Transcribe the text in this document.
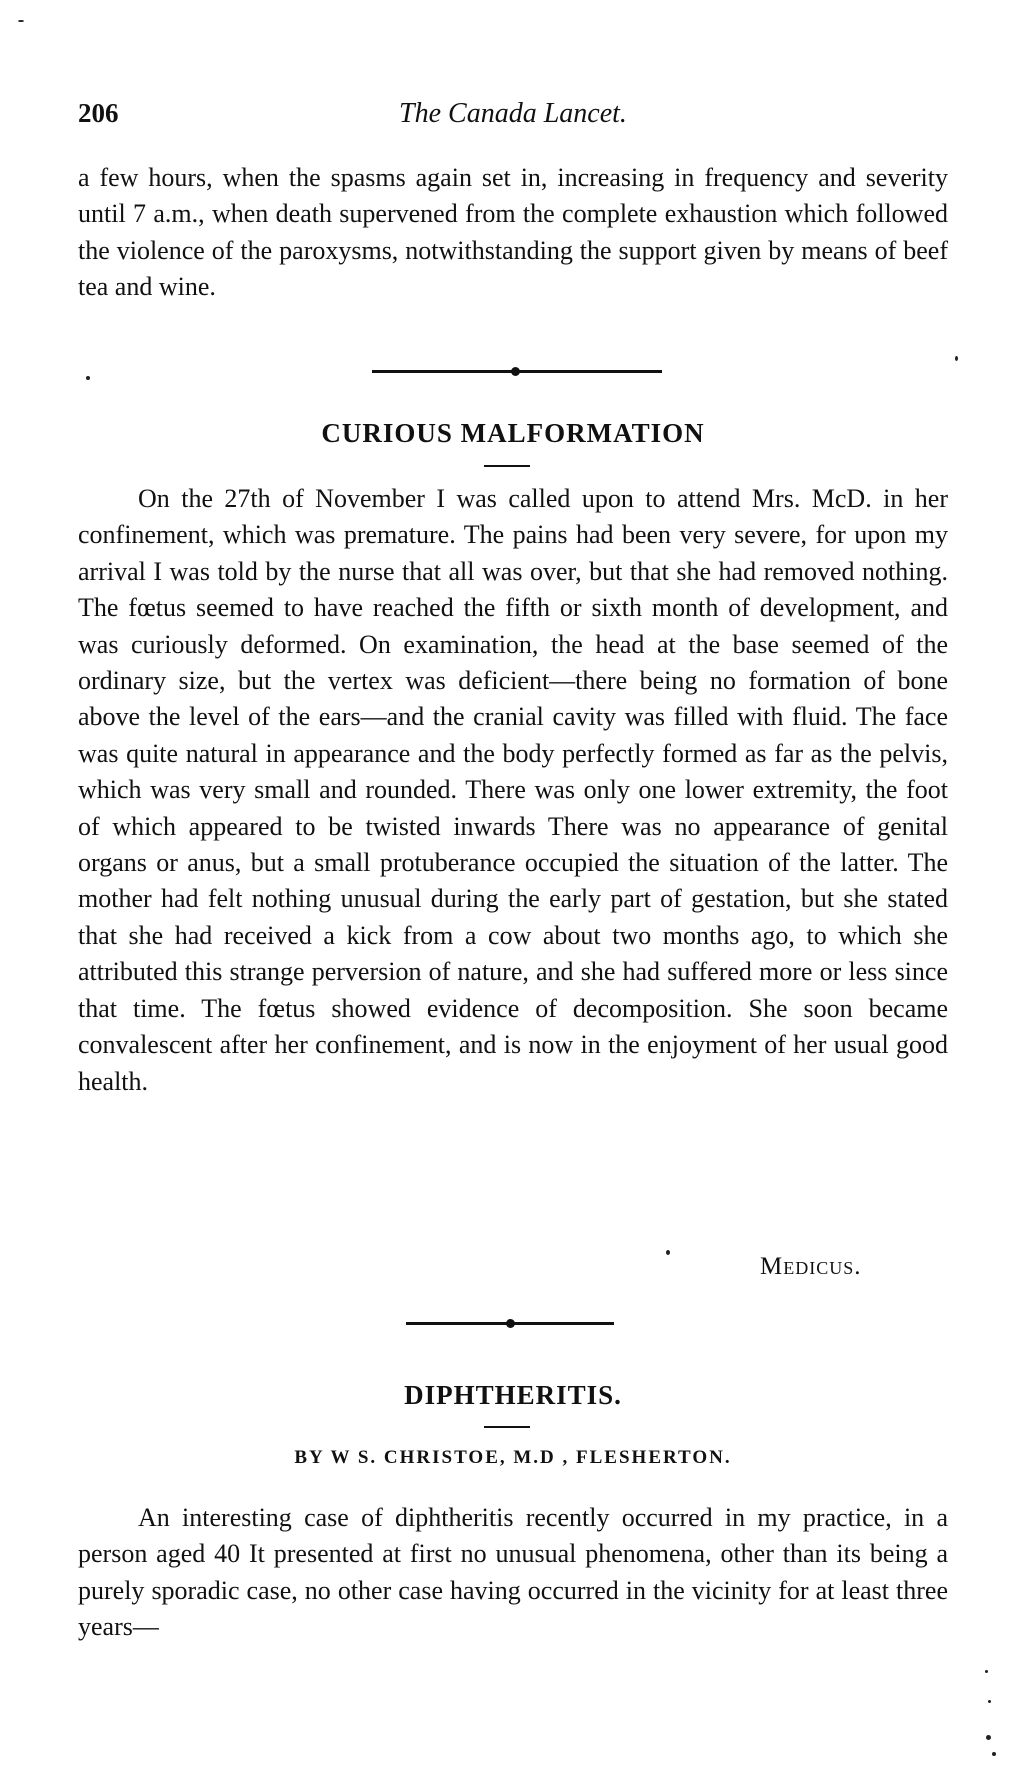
206	The Canada Lancet.

a few hours, when the spasms again set in, increasing in frequency and severity until 7 a.m., when death supervened from the complete exhaustion which followed the violence of the paroxysms, notwithstanding the support given by means of beef tea and wine.

CURIOUS MALFORMATION

On the 27th of November I was called upon to attend Mrs. McD. in her confinement, which was premature. The pains had been very severe, for upon my arrival I was told by the nurse that all was over, but that she had removed nothing. The fœtus seemed to have reached the fifth or sixth month of development, and was curiously deformed. On examination, the head at the base seemed of the ordinary size, but the vertex was deficient—there being no formation of bone above the level of the ears—and the cranial cavity was filled with fluid. The face was quite natural in appearance and the body perfectly formed as far as the pelvis, which was very small and rounded. There was only one lower extremity, the foot of which appeared to be twisted inwards There was no appearance of genital organs or anus, but a small protuberance occupied the situation of the latter. The mother had felt nothing unusual during the early part of gestation, but she stated that she had received a kick from a cow about two months ago, to which she attributed this strange perversion of nature, and she had suffered more or less since that time. The fœtus showed evidence of decomposition. She soon became convalescent after her confinement, and is now in the enjoyment of her usual good health.

Medicus.
DIPHTHERITIS.

BY W S. CHRISTOE, M.D , FLESHERTON.

An interesting case of diphtheritis recently occurred in my practice, in a person aged 40 It presented at first no unusual phenomena, other than its being a purely sporadic case, no other case having occurred in the vicinity for at least three years—
